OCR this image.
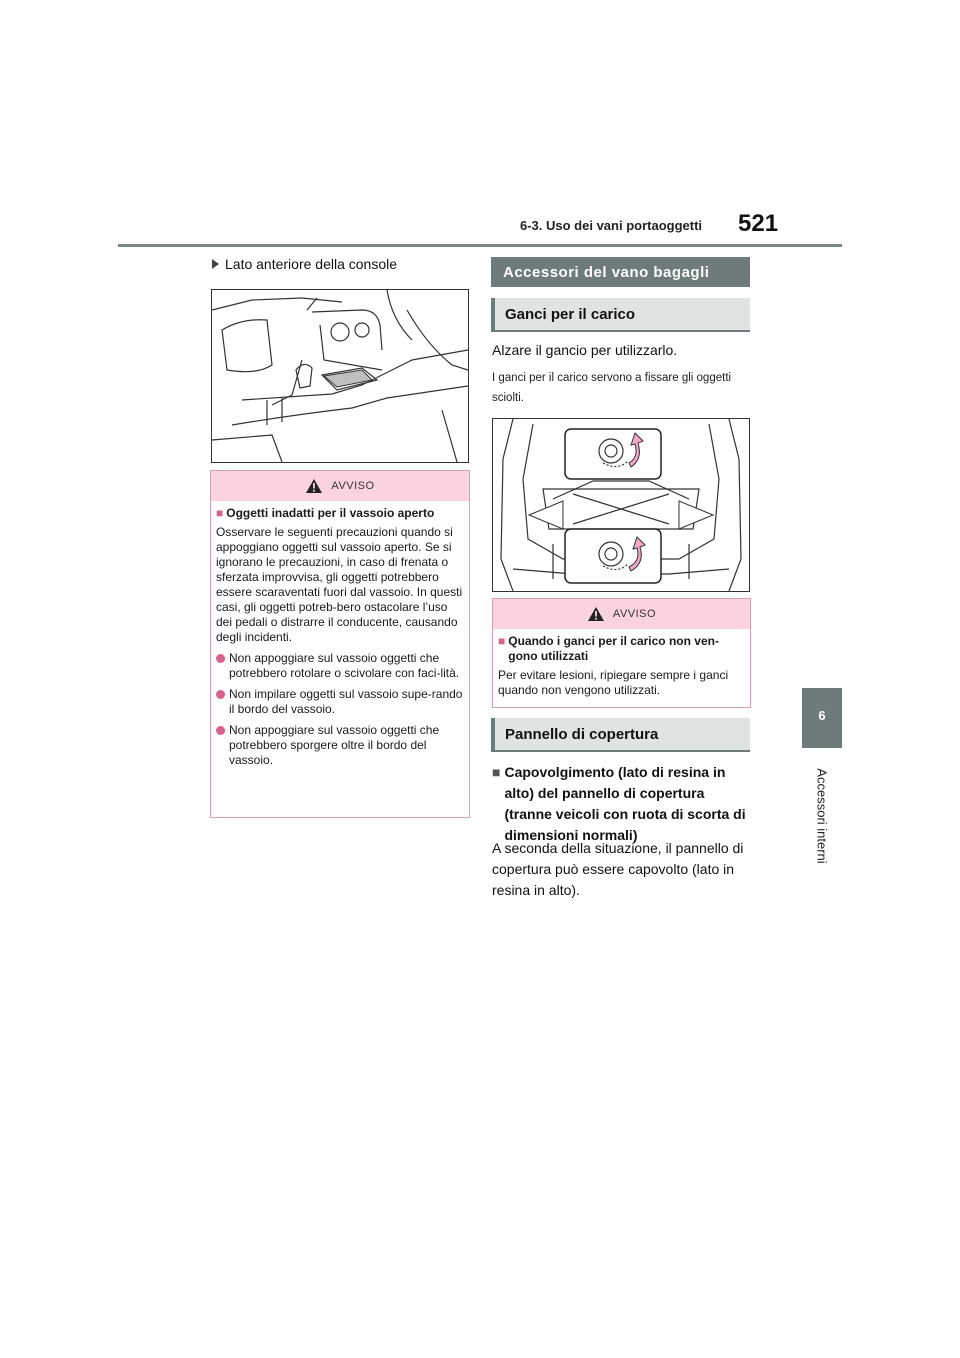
6-3. Uso dei vani portaoggetti 521
6
Accessori interni
Lato anteriore della console
AVVISO
■ Oggetti inadatti per il vassoio aperto

Osservare le seguenti precauzioni quando si appoggiano oggetti sul vassoio aperto. Se si ignorano le precauzioni, in caso di frenata o sferzata improvvisa, gli oggetti potrebbero essere scaraventati fuori dal vassoio. In questi casi, gli oggetti potreb-bero ostacolare l’uso dei pedali o distrarre il conducente, causando degli incidenti.

Non appoggiare sul vassoio oggetti che potrebbero rotolare o scivolare con faci-lità.
Non impilare oggetti sul vassoio supe-rando il bordo del vassoio.
Non appoggiare sul vassoio oggetti che potrebbero sporgere oltre il bordo del vassoio.
Accessori del vano bagagli
Ganci per il carico
Alzare il gancio per utilizzarlo.
I ganci per il carico servono a fissare gli oggetti sciolti.
AVVISO
■ Quando i ganci per il carico non ven-gono utilizzati

Per evitare lesioni, ripiegare sempre i ganci quando non vengono utilizzati.

Pannello di copertura
■ Capovolgimento (lato di resina in alto) del pannello di copertura (tranne veicoli con ruota di scorta di dimensioni normali)
A seconda della situazione, il pannello di copertura può essere capovolto (lato in resina in alto).
